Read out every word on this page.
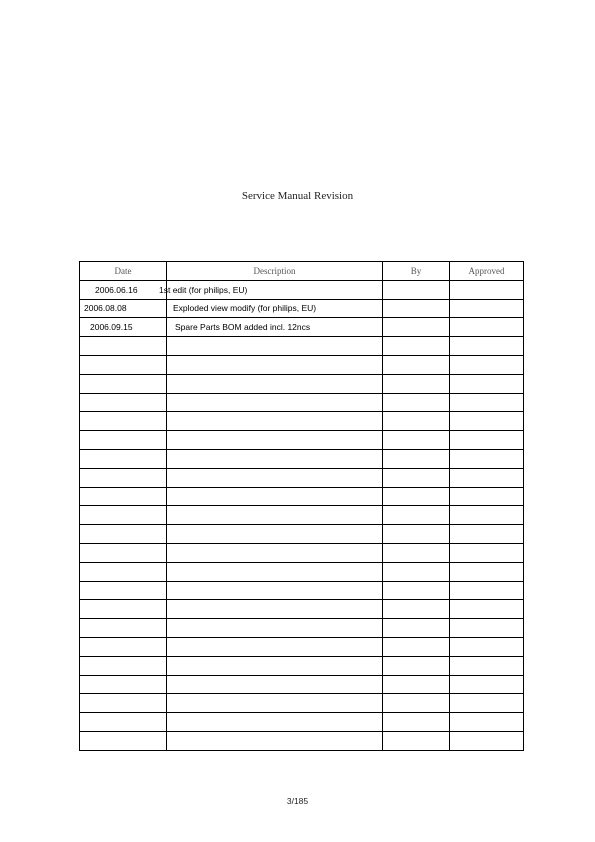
Service Manual Revision
Date	Description	By	Approved
2006.06.16	1st edit (for philips, EU)		
2006.08.08	Exploded view modify (for philips, EU)		
2006.09.15	Spare Parts BOM added incl. 12ncs		

3/185
